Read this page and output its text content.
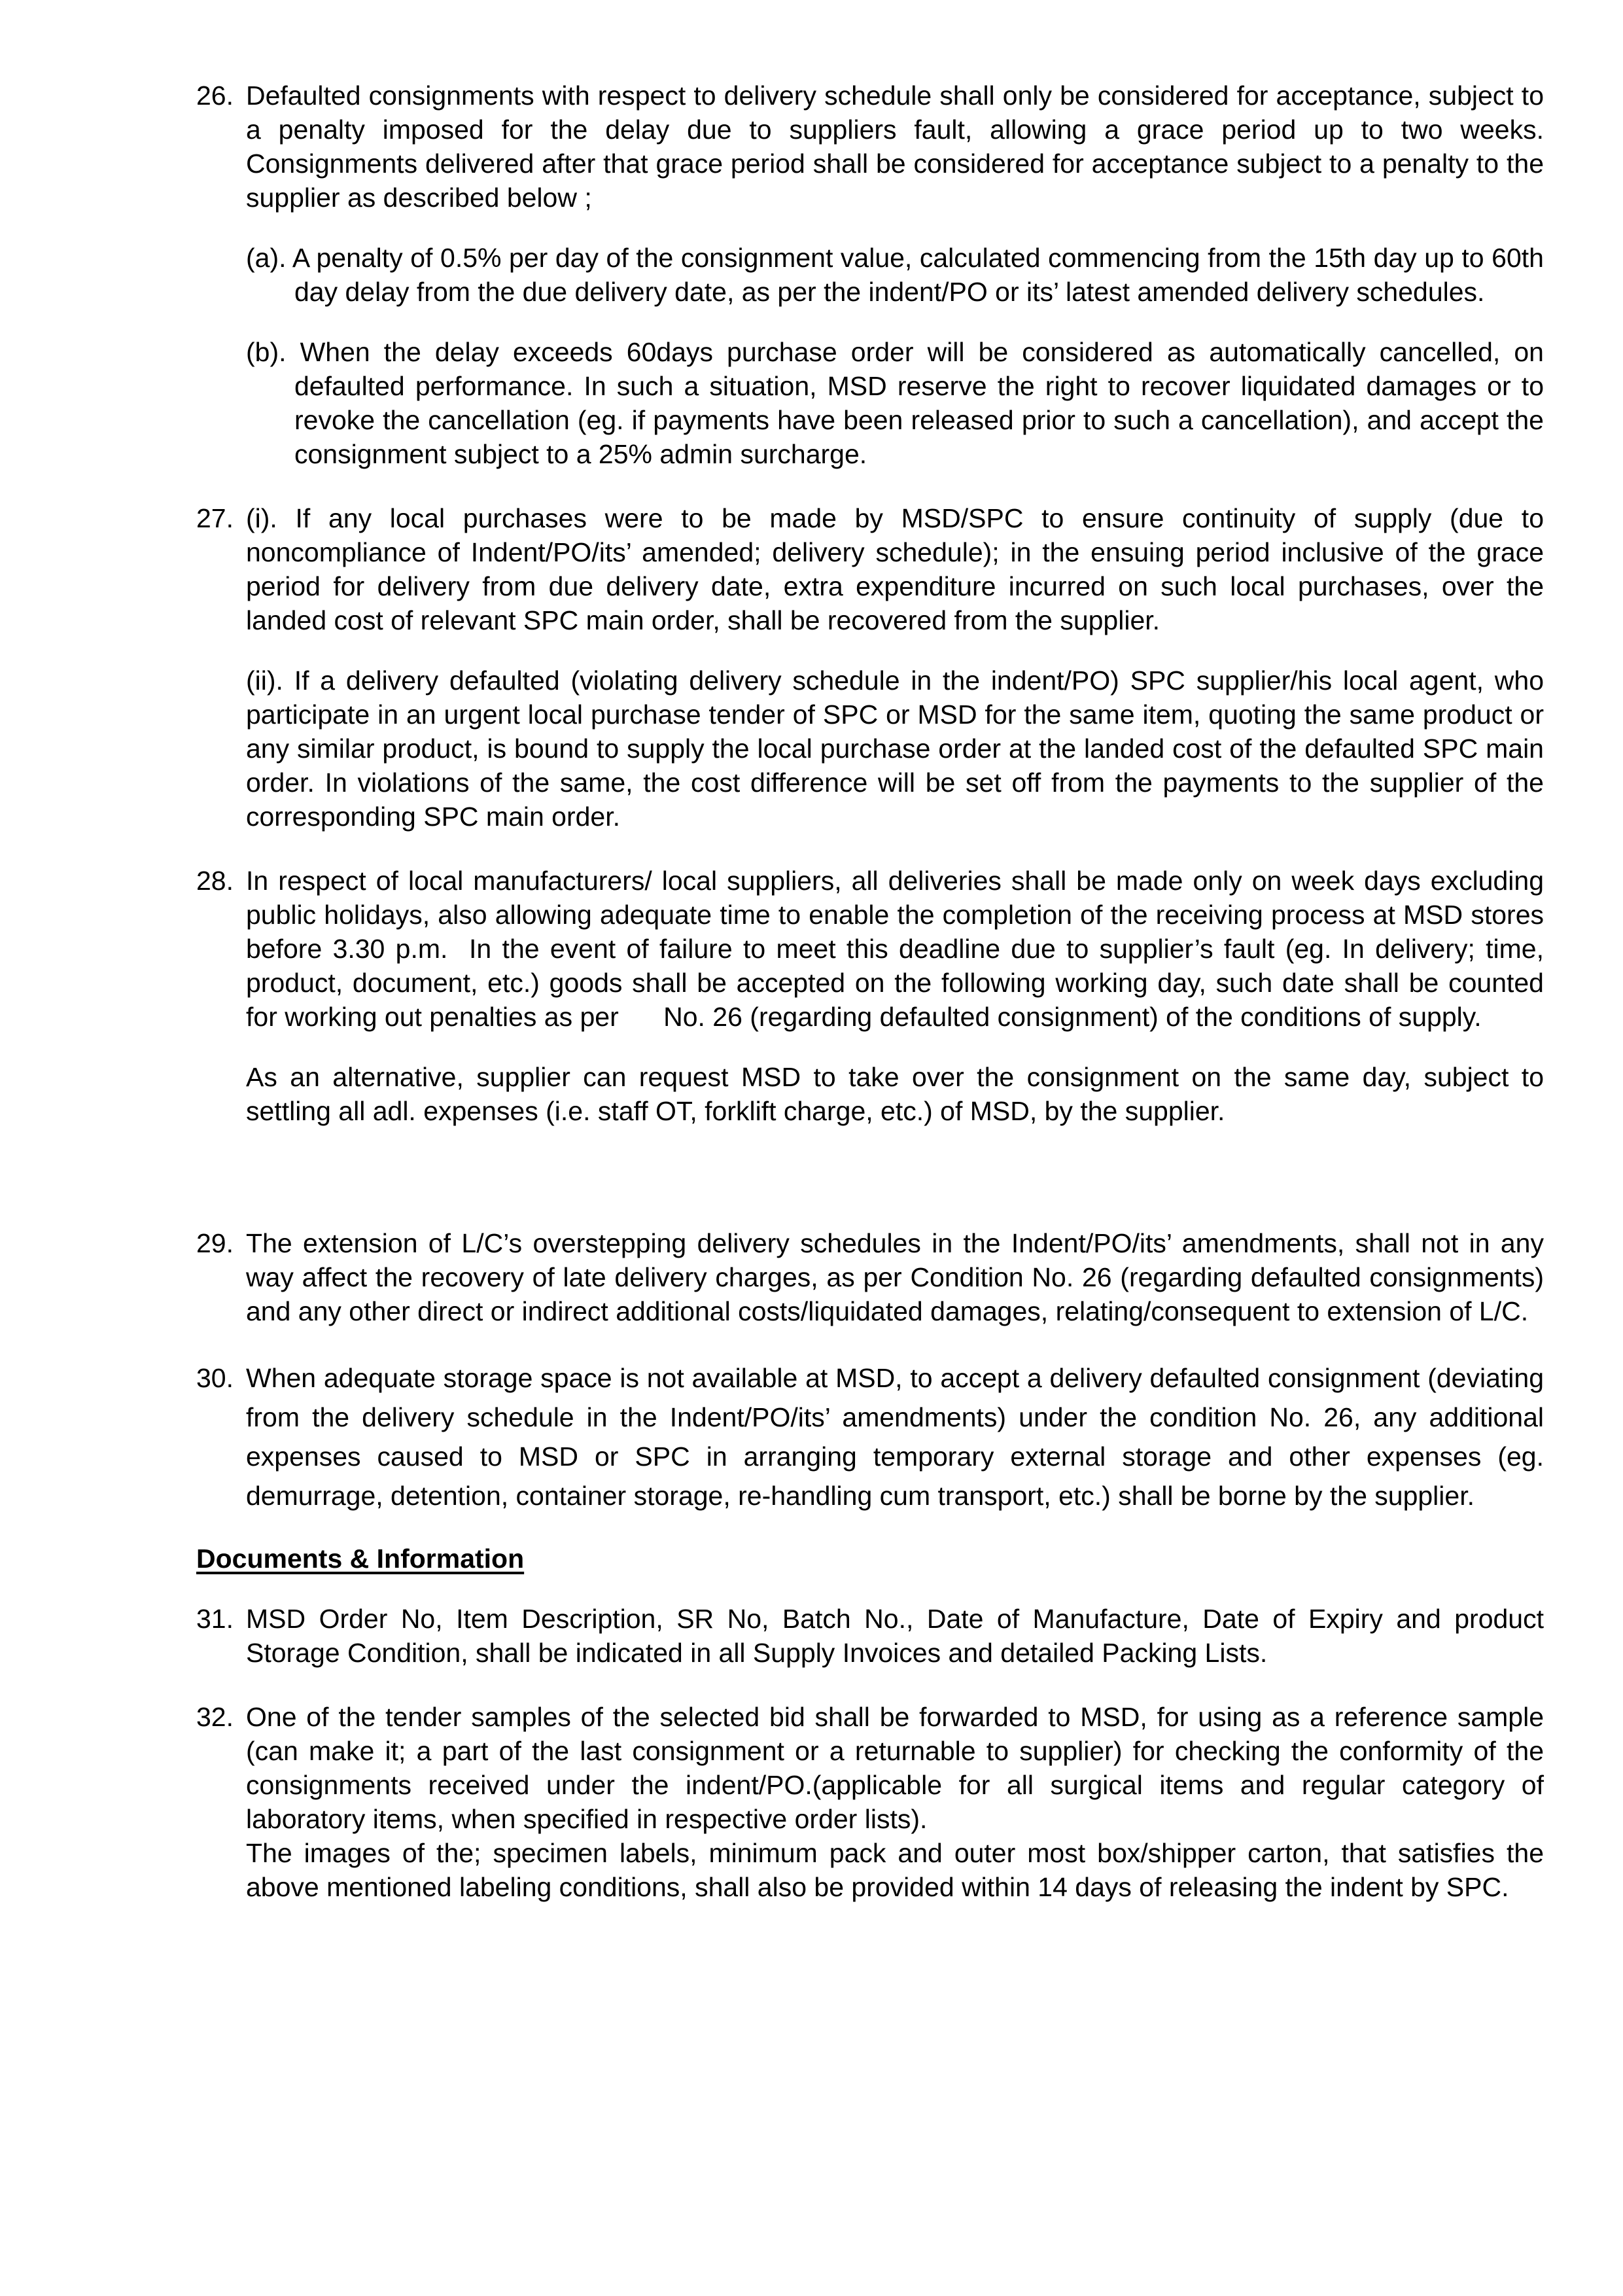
26. Defaulted consignments with respect to delivery schedule shall only be considered for acceptance, subject to a penalty imposed for the delay due to suppliers fault, allowing a grace period up to two weeks. Consignments delivered after that grace period shall be considered for acceptance subject to a penalty to the supplier as described below ;

(a). A penalty of 0.5% per day of the consignment value, calculated commencing from the 15th day up to 60th day delay from the due delivery date, as per the indent/PO or its’ latest amended delivery schedules.

(b). When the delay exceeds 60days purchase order will be considered as automatically cancelled, on defaulted performance. In such a situation, MSD reserve the right to recover liquidated damages or to revoke the cancellation (eg. if payments have been released prior to such a cancellation), and accept the consignment subject to a 25% admin surcharge.

27. (i). If any local purchases were to be made by MSD/SPC to ensure continuity of supply (due to noncompliance of Indent/PO/its’ amended; delivery schedule); in the ensuing period inclusive of the grace period for delivery from due delivery date, extra expenditure incurred on such local purchases, over the landed cost of relevant SPC main order, shall be recovered from the supplier.

(ii). If a delivery defaulted (violating delivery schedule in the indent/PO) SPC supplier/his local agent, who participate in an urgent local purchase tender of SPC or MSD for the same item, quoting the same product or any similar product, is bound to supply the local purchase order at the landed cost of the defaulted SPC main order. In violations of the same, the cost difference will be set off from the payments to the supplier of the corresponding SPC main order.

28. In respect of local manufacturers/ local suppliers, all deliveries shall be made only on week days excluding public holidays, also allowing adequate time to enable the completion of the receiving process at MSD stores before 3.30 p.m.  In the event of failure to meet this deadline due to supplier’s fault (eg. In delivery; time, product, document, etc.) goods shall be accepted on the following working day, such date shall be counted for working out penalties as per      No. 26 (regarding defaulted consignment) of the conditions of supply.

As an alternative, supplier can request MSD to take over the consignment on the same day, subject to settling all adl. expenses (i.e. staff OT, forklift charge, etc.) of MSD, by the supplier.

29. The extension of L/C’s overstepping delivery schedules in the Indent/PO/its’ amendments, shall not in any way affect the recovery of late delivery charges, as per Condition No. 26 (regarding defaulted consignments) and any other direct or indirect additional costs/liquidated damages, relating/consequent to extension of L/C.

30. When adequate storage space is not available at MSD, to accept a delivery defaulted consignment (deviating from the delivery schedule in the Indent/PO/its’ amendments) under the condition No. 26, any additional expenses caused to MSD or SPC in arranging temporary external storage and other expenses (eg. demurrage, detention, container storage, re-handling cum transport, etc.) shall be borne by the supplier.

Documents & Information
31. MSD Order No, Item Description, SR No, Batch No., Date of Manufacture, Date of Expiry and product Storage Condition, shall be indicated in all Supply Invoices and detailed Packing Lists.

32. One of the tender samples of the selected bid shall be forwarded to MSD, for using as a reference sample (can make it; a part of the last consignment or a returnable to supplier) for checking the conformity of the consignments received under the indent/PO.(applicable for all surgical items and regular category of laboratory items, when specified in respective order lists).

The images of the; specimen labels, minimum pack and outer most box/shipper carton, that satisfies the above mentioned labeling conditions, shall also be provided within 14 days of releasing the indent by SPC.
